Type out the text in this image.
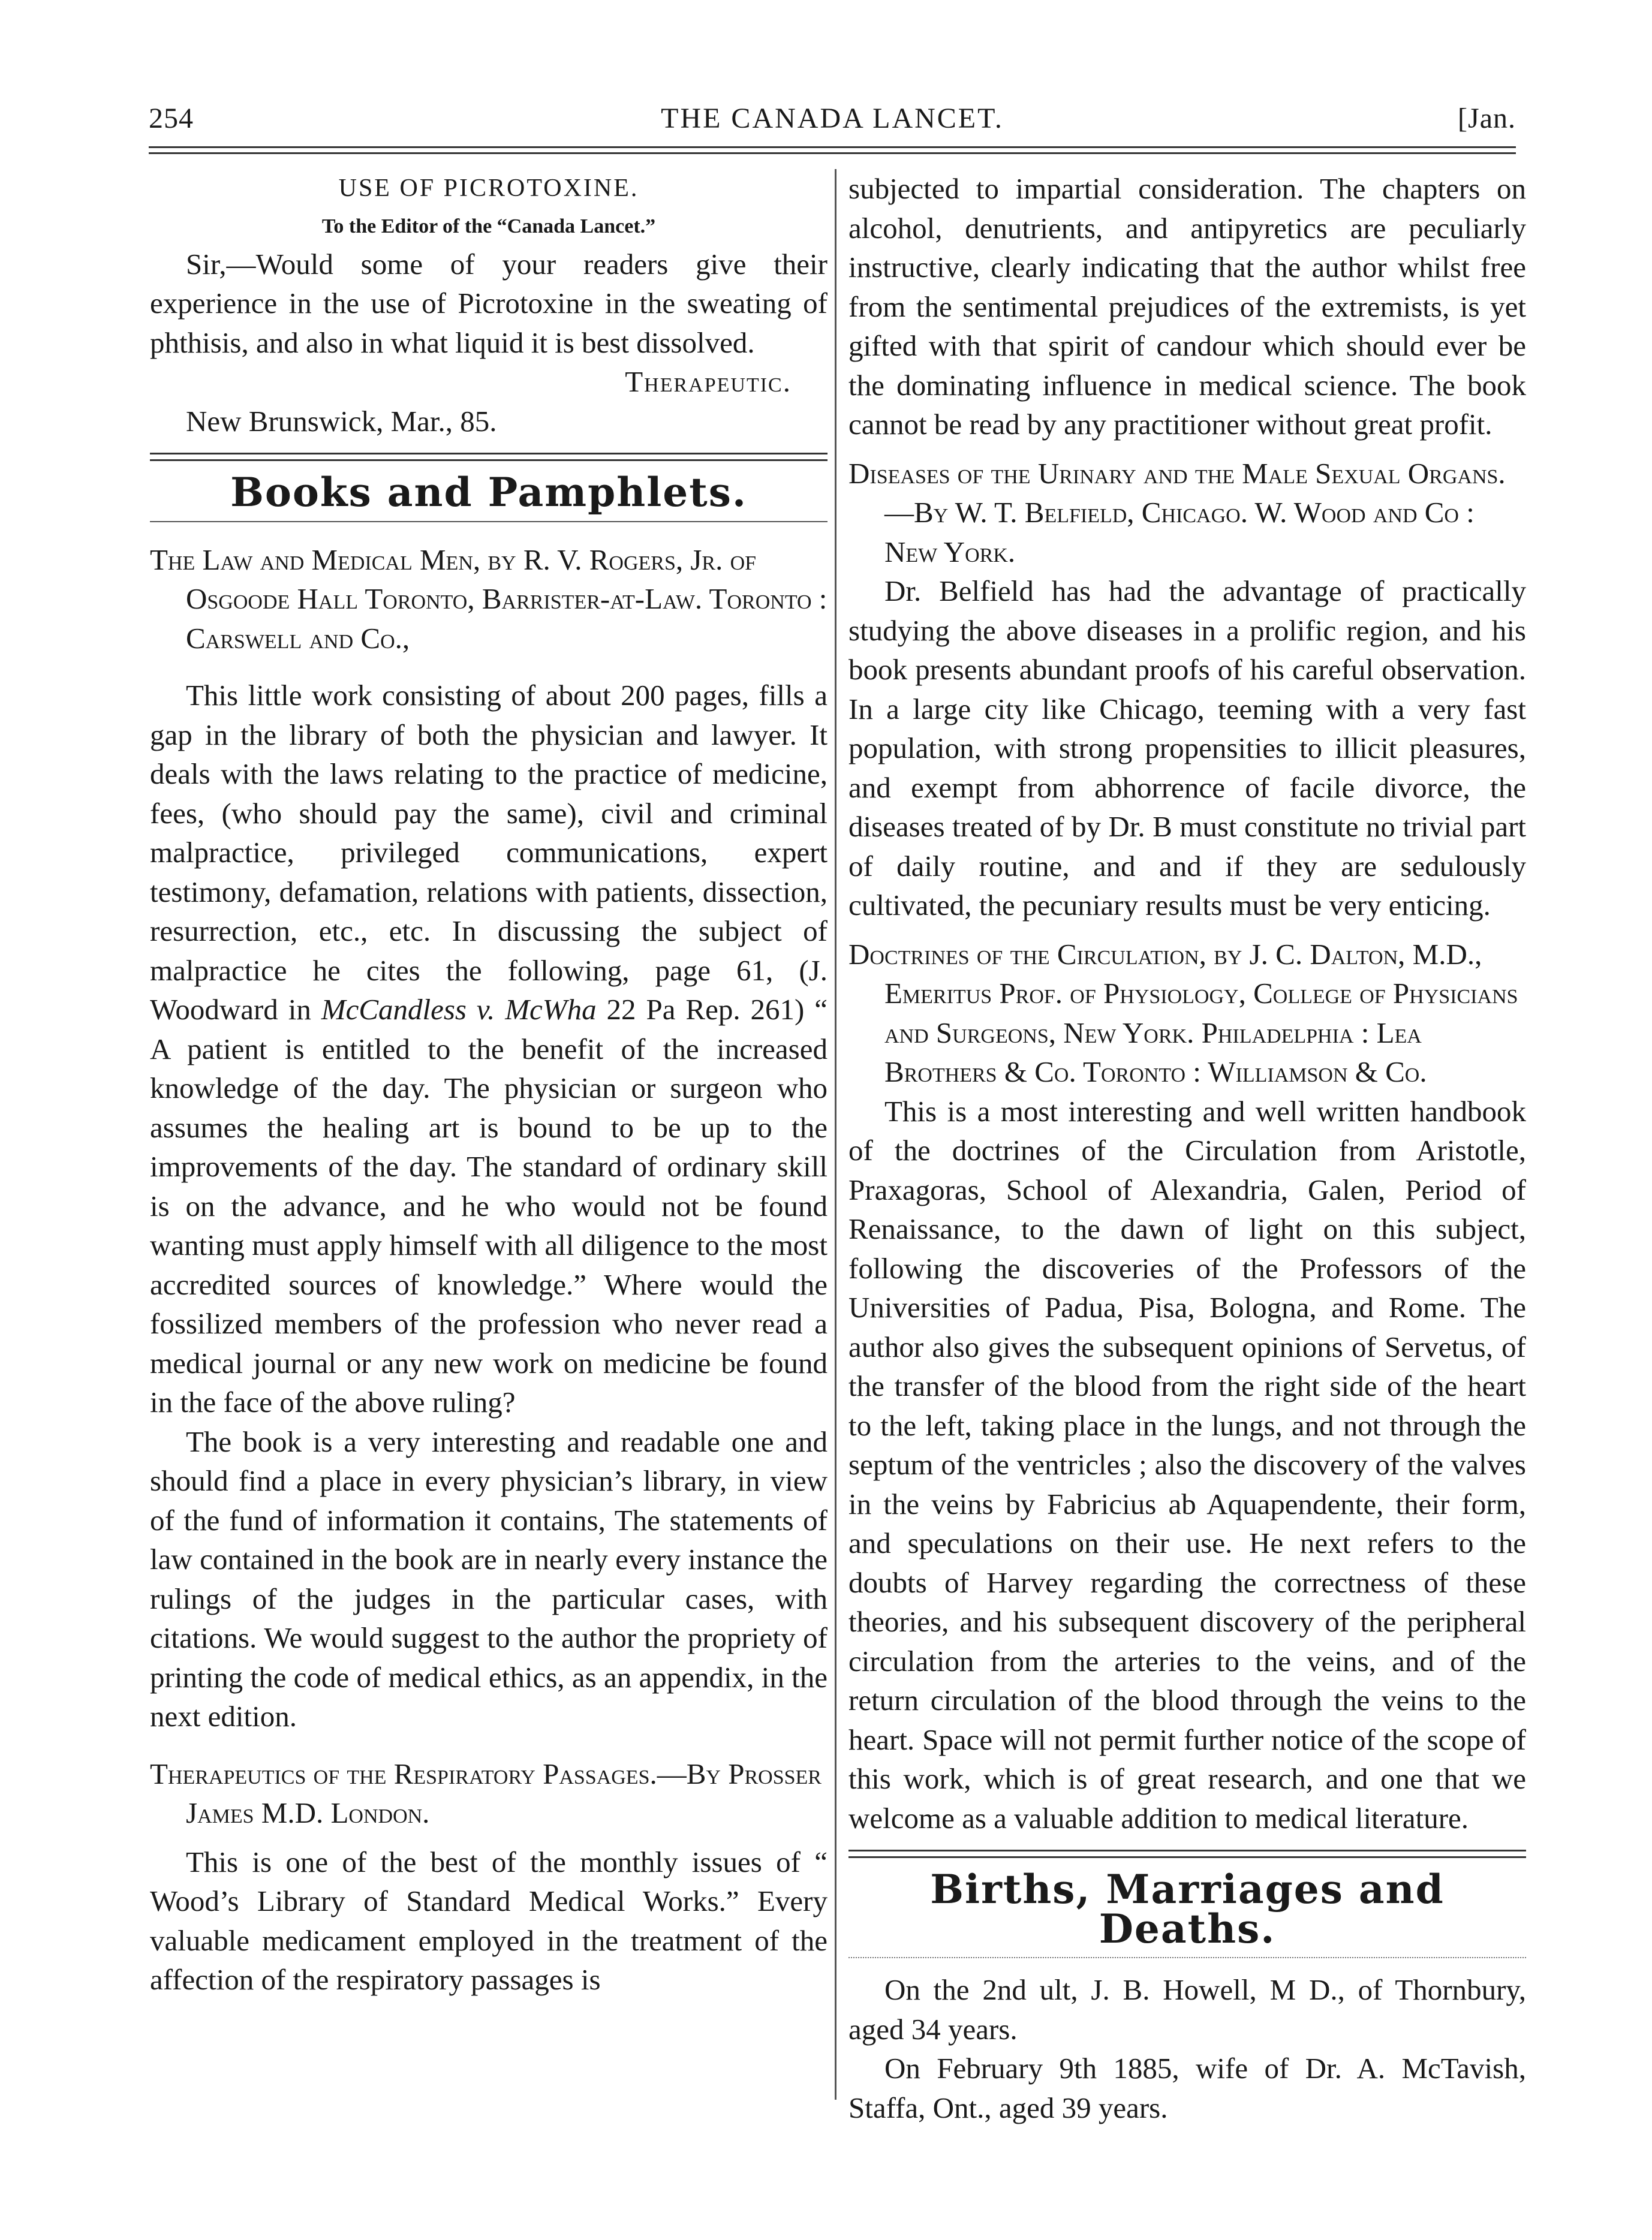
254	THE CANADA LANCET.	[Jan.

USE OF PICROTOXINE.

To the Editor of the “Canada Lancet.”

Sir,—Would some of your readers give their experience in the use of Picrotoxine in the sweating of phthisis, and also in what liquid it is best dissolved.

Therapeutic.

New Brunswick, Mar., 85.

Books and Pamphlets.

The Law and Medical Men, by R. V. Rogers, Jr. of Osgoode Hall Toronto, Barrister-at-Law. Toronto : Carswell and Co.,

This little work consisting of about 200 pages, fills a gap in the library of both the physician and lawyer. It deals with the laws relating to the practice of medicine, fees, (who should pay the same), civil and criminal malpractice, privileged communications, expert testimony, defamation, relations with patients, dissection, resurrection, etc., etc. In discussing the subject of malpractice he cites the following, page 61, (J. Woodward in McCandless v. McWha 22 Pa Rep. 261) “ A patient is entitled to the benefit of the increased knowledge of the day. The physician or surgeon who assumes the healing art is bound to be up to the improvements of the day. The standard of ordinary skill is on the advance, and he who would not be found wanting must apply himself with all diligence to the most accredited sources of knowledge.” Where would the fossilized members of the profession who never read a medical journal or any new work on medicine be found in the face of the above ruling?

The book is a very interesting and readable one and should find a place in every physician’s library, in view of the fund of information it contains, The statements of law contained in the book are in nearly every instance the rulings of the judges in the particular cases, with citations. We would suggest to the author the propriety of printing the code of medical ethics, as an appendix, in the next edition.

Therapeutics of the Respiratory Passages.—By Prosser James M.D. London.

This is one of the best of the monthly issues of “ Wood’s Library of Standard Medical Works.” Every valuable medicament employed in the treatment of the affection of the respiratory passages is

subjected to impartial consideration. The chapters on alcohol, denutrients, and antipyretics are peculiarly instructive, clearly indicating that the author whilst free from the sentimental prejudices of the extremists, is yet gifted with that spirit of candour which should ever be the dominating influence in medical science. The book cannot be read by any practitioner without great profit.

Diseases of the Urinary and the Male Sexual Organs.—By W. T. Belfield, Chicago. W. Wood and Co : New York.

Dr. Belfield has had the advantage of practically studying the above diseases in a prolific region, and his book presents abundant proofs of his careful observation. In a large city like Chicago, teeming with a very fast population, with strong propensities to illicit pleasures, and exempt from abhorrence of facile divorce, the diseases treated of by Dr. B must constitute no trivial part of daily routine, and and if they are sedulously cultivated, the pecuniary results must be very enticing.

Doctrines of the Circulation, by J. C. Dalton, M.D., Emeritus Prof. of Physiology, College of Physicians and Surgeons, New York. Philadelphia : Lea Brothers & Co. Toronto : Williamson & Co.

This is a most interesting and well written handbook of the doctrines of the Circulation from Aristotle, Praxagoras, School of Alexandria, Galen, Period of Renaissance, to the dawn of light on this subject, following the discoveries of the Professors of the Universities of Padua, Pisa, Bologna, and Rome. The author also gives the subsequent opinions of Servetus, of the transfer of the blood from the right side of the heart to the left, taking place in the lungs, and not through the septum of the ventricles ; also the discovery of the valves in the veins by Fabricius ab Aquapendente, their form, and speculations on their use. He next refers to the doubts of Harvey regarding the correctness of these theories, and his subsequent discovery of the peripheral circulation from the arteries to the veins, and of the return circulation of the blood through the veins to the heart. Space will not permit further notice of the scope of this work, which is of great research, and one that we welcome as a valuable addition to medical literature.

Births, Marriages and Deaths.

On the 2nd ult, J. B. Howell, M D., of Thornbury, aged 34 years.

On February 9th 1885, wife of Dr. A. McTavish, Staffa, Ont., aged 39 years.
